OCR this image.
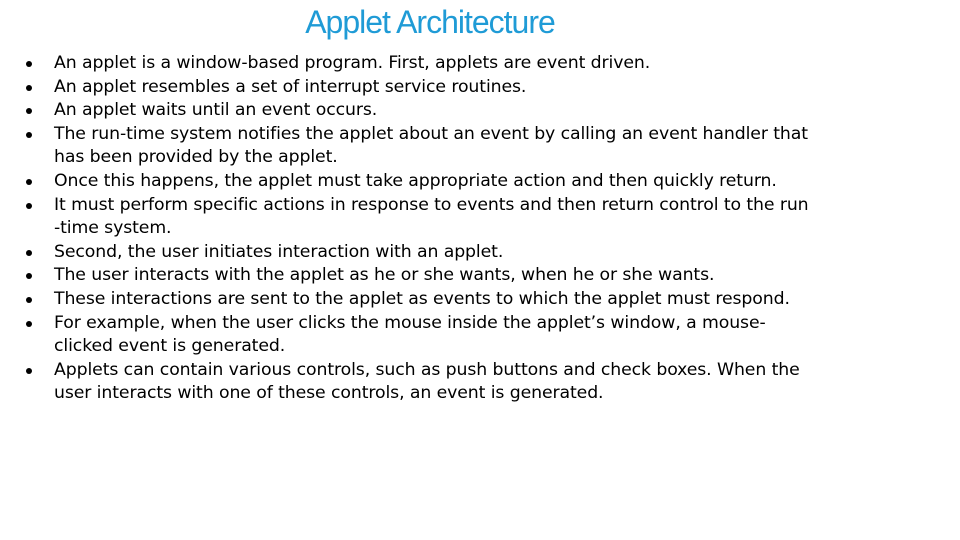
Applet Architecture
An applet is a window-based program. First, applets are event driven.
An applet resembles a set of interrupt service routines.
An applet waits until an event occurs.
The run-time system notifies the applet about an event by calling an event handler that
has been provided by the applet.
Once this happens, the applet must take appropriate action and then quickly return.
It must perform specific actions in response to events and then return control to the run
-time system.
Second, the user initiates interaction with an applet.
The user interacts with the applet as he or she wants, when he or she wants.
These interactions are sent to the applet as events to which the applet must respond.
For example, when the user clicks the mouse inside the applet’s window, a mouse-
clicked event is generated.
Applets can contain various controls, such as push buttons and check boxes. When the
user interacts with one of these controls, an event is generated.
